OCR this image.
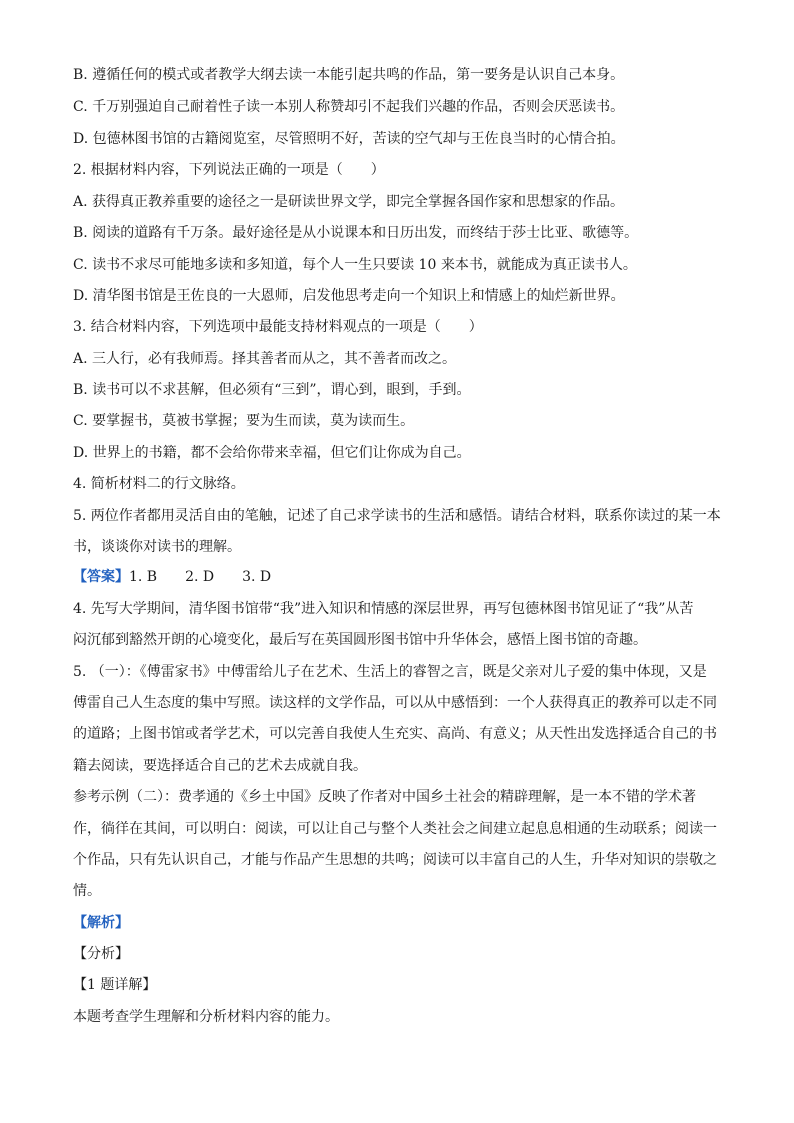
B. 遵循任何的模式或者教学大纲去读一本能引起共鸣的作品，第一要务是认识自己本身。
C. 千万别强迫自己耐着性子读一本别人称赞却引不起我们兴趣的作品，否则会厌恶读书。
D. 包德林图书馆的古籍阅览室，尽管照明不好，苦读的空气却与王佐良当时的心情合拍。
2. 根据材料内容，下列说法正确的一项是（　　）
A. 获得真正教养重要的途径之一是研读世界文学，即完全掌握各国作家和思想家的作品。
B. 阅读的道路有千万条。最好途径是从小说课本和日历出发，而终结于莎士比亚、歌德等。
C. 读书不求尽可能地多读和多知道，每个人一生只要读 10 来本书，就能成为真正读书人。
D. 清华图书馆是王佐良的一大恩师，启发他思考走向一个知识上和情感上的灿烂新世界。
3. 结合材料内容，下列选项中最能支持材料观点的一项是（　　）
A. 三人行，必有我师焉。择其善者而从之，其不善者而改之。
B. 读书可以不求甚解，但必须有“三到”，谓心到，眼到，手到。
C. 要掌握书，莫被书掌握；要为生而读，莫为读而生。
D. 世界上的书籍，都不会给你带来幸福，但它们让你成为自己。
4. 简析材料二的行文脉络。
5. 两位作者都用灵活自由的笔触，记述了自己求学读书的生活和感悟。请结合材料，联系你读过的某一本
书，谈谈你对读书的理解。
【答案】1. B　　2. D　　3. D
4. 先写大学期间，清华图书馆带“我”进入知识和情感的深层世界，再写包德林图书馆见证了“我”从苦
闷沉郁到豁然开朗的心境变化，最后写在英国圆形图书馆中升华体会，感悟上图书馆的奇趣。
5. （一）：《傅雷家书》中傅雷给儿子在艺术、生活上的睿智之言，既是父亲对儿子爱的集中体现，又是
傅雷自己人生态度的集中写照。读这样的文学作品，可以从中感悟到：一个人获得真正的教养可以走不同
的道路；上图书馆或者学艺术，可以完善自我使人生充实、高尚、有意义；从天性出发选择适合自己的书
籍去阅读，要选择适合自己的艺术去成就自我。
参考示例（二）：费孝通的《乡土中国》反映了作者对中国乡土社会的精辟理解，是一本不错的学术著
作，徜徉在其间，可以明白：阅读，可以让自己与整个人类社会之间建立起息息相通的生动联系；阅读一
个作品，只有先认识自己，才能与作品产生思想的共鸣；阅读可以丰富自己的人生，升华对知识的崇敬之
情。
【解析】
【分析】
【1 题详解】
本题考查学生理解和分析材料内容的能力。
